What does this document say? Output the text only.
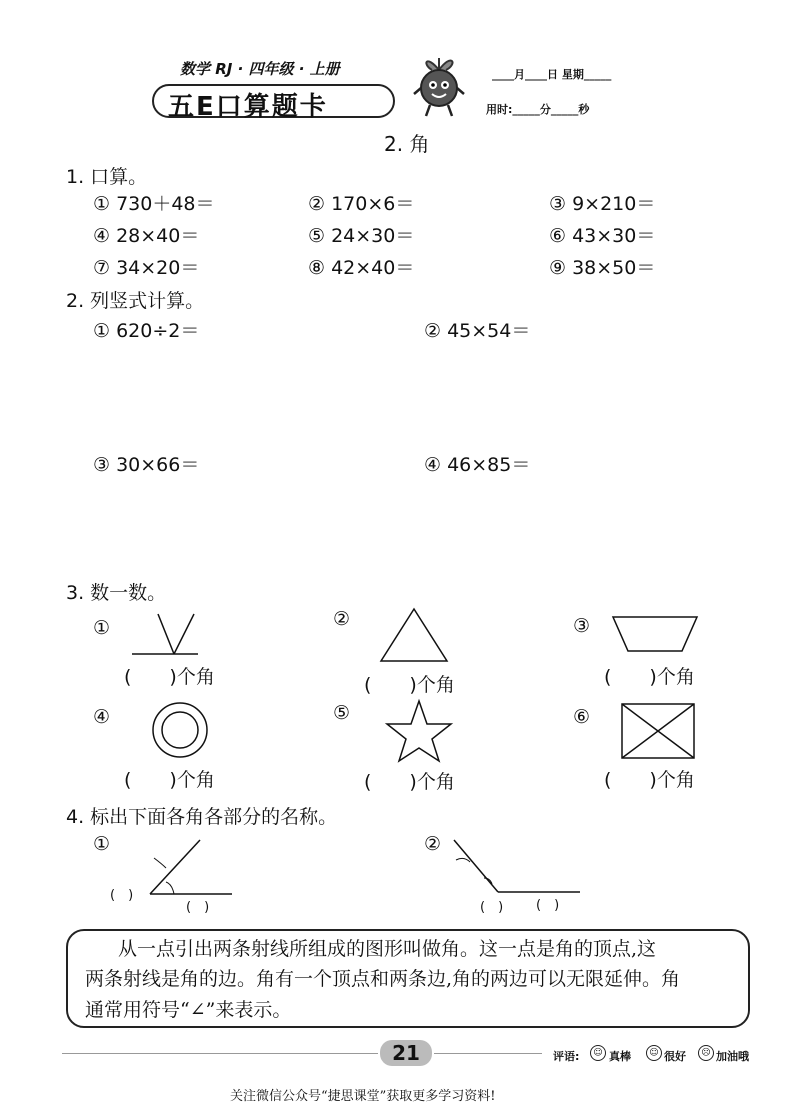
数学 RJ · 四年级 · 上册
五E口算题卡
____月____日 星期_____
用时:_____分_____秒
2. 角
1. 口算。
① 730＋48＝	② 170×6＝	③ 9×210＝
④ 28×40＝	⑤ 24×30＝	⑥ 43×30＝
⑦ 34×20＝	⑧ 42×40＝	⑨ 38×50＝
2. 列竖式计算。
① 620÷2＝	② 45×54＝
③ 30×66＝	④ 46×85＝
3. 数一数。
①
(　　)个角
②
(　　)个角
③
(　　)个角
④
(　　)个角
⑤
(　　)个角
⑥
(　　)个角
4. 标出下面各角各部分的名称。
①
(　)
(　)
②
(　)	(　)
从一点引出两条射线所组成的图形叫做角。这一点是角的顶点,这
两条射线是角的边。角有一个顶点和两条边,角的两边可以无限延伸。角
通常用符号“∠”来表示。
21	评语:	☺ 真棒	☺ 很好	☹ 加油哦
关注微信公众号“捷思课堂”获取更多学习资料!
